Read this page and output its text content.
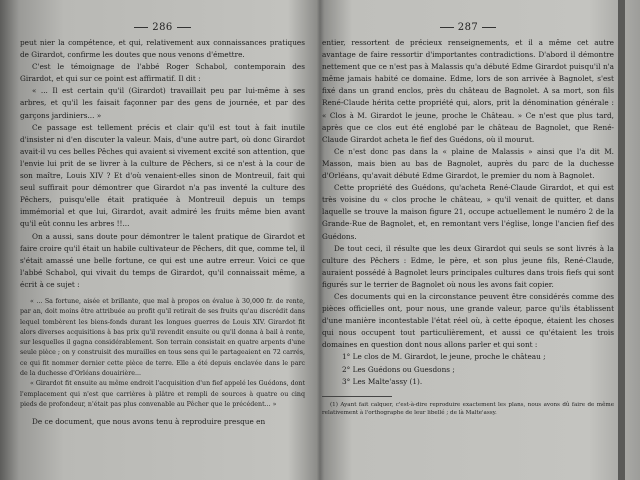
286

peut nier la compétence, et qui, relativement aux connaissances pratiques de Girardot, confirme les doutes que nous venons d'émettre.

C'est le témoignage de l'abbé Roger Schabol, contemporain des Girardot, et qui sur ce point est affirmatif. Il dit :

« ... Il est certain qu'il (Girardot) travaillait peu par lui-même à ses arbres, et qu'il les faisait façonner par des gens de journée, et par des garçons jardiniers... »

Ce passage est tellement précis et clair qu'il est tout à fait inutile d'insister ni d'en discuter la valeur. Mais, d'une autre part, où donc Girardot avait-il vu ces belles Pêches qui avaient si vivement excité son attention, que l'envie lui prit de se livrer à la culture de Pêchers, si ce n'est à la cour de son maître, Louis XIV ? Et d'où venaient-elles sinon de Montreuil, fait qui seul suffirait pour démontrer que Girardot n'a pas inventé la culture des Pêchers, puisqu'elle était pratiquée à Montreuil depuis un temps immémorial et que lui, Girardot, avait admiré les fruits même bien avant qu'il eût connu les arbres !!...

On a aussi, sans doute pour démontrer le talent pratique de Girardot et faire croire qu'il était un habile cultivateur de Pêchers, dit que, comme tel, il s'était amassé une belle fortune, ce qui est une autre erreur. Voici ce que l'abbé Schabol, qui vivait du temps de Girardot, qu'il connaissait même, a écrit à ce sujet :

« ... Sa fortune, aisée et brillante, que mal à propos on évalue à 30,000 fr. de rente, par an, doit moins être attribuée au profit qu'il retirait de ses fruits qu'au discrédit dans lequel tombèrent les biens-fonds durant les longues guerres de Louis XIV. Girardot fit alors diverses acquisitions à bas prix qu'il revendit ensuite ou qu'il donna à bail à rente, sur lesquelles il gagna considérablement. Son terrain consistait en quatre arpents d'une seule pièce ; on y construisit des murailles en tous sens qui le partageaient en 72 carrés, ce qui fit nommer dernier cette pièce de terre. Elle a été depuis enclavée dans le parc de la duchesse d'Orléans douairière...

« Girardot fit ensuite au même endroit l'acquisition d'un fief appelé les Guédons, dont l'emplacement qui n'est que carrières à plâtre et rempli de sources à quatre ou cinq pieds de profondeur, n'était pas plus convenable au Pêcher que le précédent... »

De ce document, que nous avons tenu à reproduire presque en

287

entier, ressortent de précieux renseignements, et il a même cet autre avantage de faire ressortir d'importantes contradictions. D'abord il démontre nettement que ce n'est pas à Malassis qu'a débuté Edme Girardot puisqu'il n'a même jamais habité ce domaine. Edme, lors de son arrivée à Bagnolet, s'est fixé dans un grand enclos, près du château de Bagnolet. A sa mort, son fils René-Claude hérita cette propriété qui, alors, prit la dénomination générale : « Clos à M. Girardot le jeune, proche le Château. » Ce n'est que plus tard, après que ce clos eut été englobé par le château de Bagnolet, que René-Claude Girardot acheta le fief des Guédons, où il mourut.

Ce n'est donc pas dans la « plaine de Malassis » ainsi que l'a dit M. Masson, mais bien au bas de Bagnolet, auprès du parc de la duchesse d'Orléans, qu'avait débuté Edme Girardot, le premier du nom à Bagnolet.

Cette propriété des Guédons, qu'acheta René-Claude Girardot, et qui est très voisine du « clos proche le château, » qu'il venait de quitter, et dans laquelle se trouve la maison figure 21, occupe actuellement le numéro 2 de la Grande-Rue de Bagnolet, et, en remontant vers l'église, longe l'ancien fief des Guédons.

De tout ceci, il résulte que les deux Girardot qui seuls se sont livrés à la culture des Pêchers : Edme, le père, et son plus jeune fils, René-Claude, auraient possédé à Bagnolet leurs principales cultures dans trois fiefs qui sont figurés sur le terrier de Bagnolet où nous les avons fait copier.

Ces documents qui en la circonstance peuvent être considérés comme des pièces officielles ont, pour nous, une grande valeur, parce qu'ils établissent d'une manière incontestable l'état réel où, à cette époque, étaient les choses qui nous occupent tout particulièrement, et aussi ce qu'étaient les trois domaines en question dont nous allons parler et qui sont :

1° Le clos de M. Girardot, le jeune, proche le château ;

2° Les Guédons ou Guesdons ;

3° Les Malte'assy (1).

(1) Ayant fait calquer, c'est-à-dire reproduire exactement les plans, nous avons dû faire de même relativement à l'orthographe de leur libellé ; de là Malte'assy.
